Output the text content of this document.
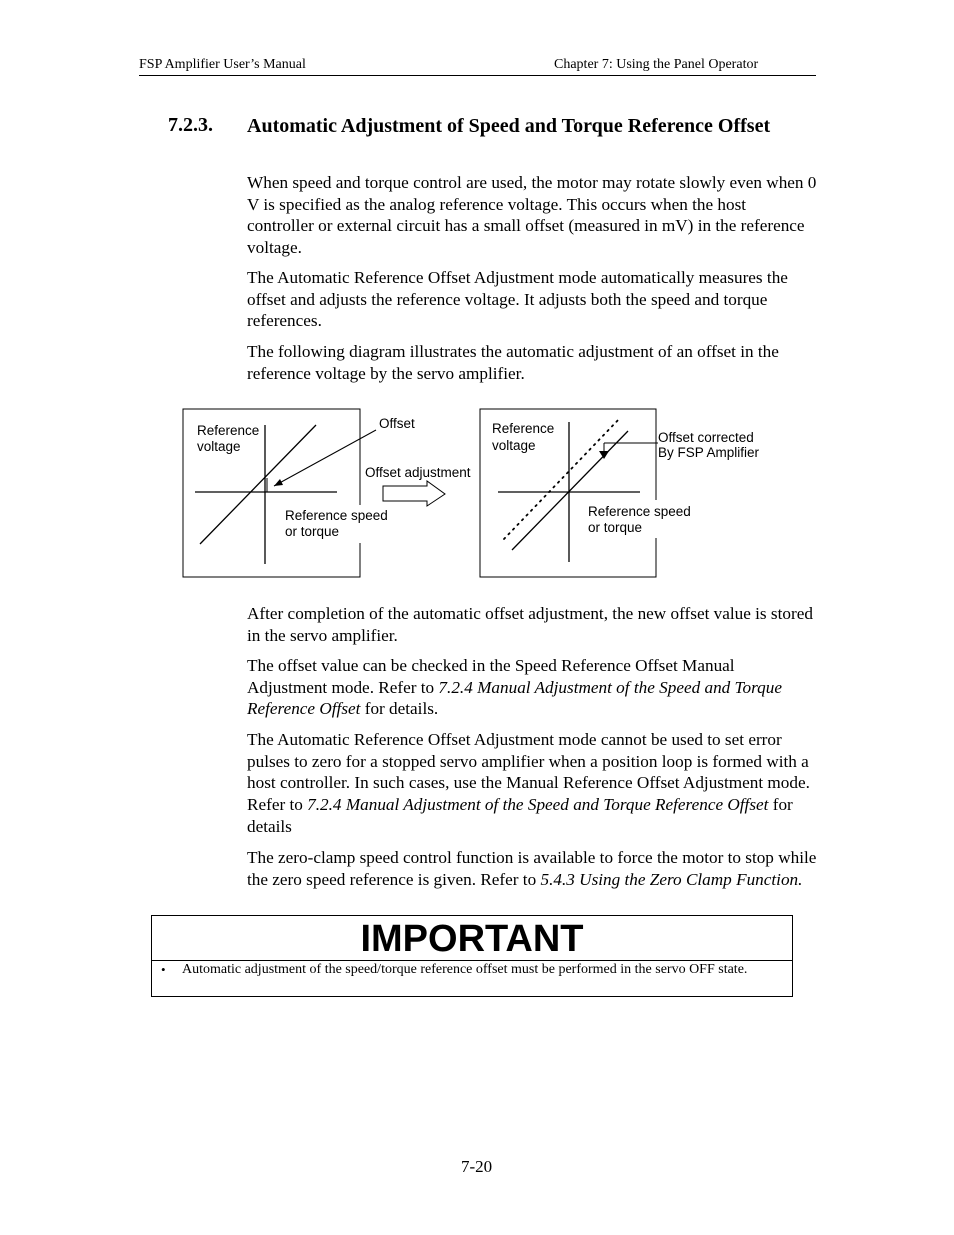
FSP Amplifier User’s Manual	Chapter 7: Using the Panel Operator
7.2.3. Automatic Adjustment of Speed and Torque Reference Offset

When speed and torque control are used, the motor may rotate slowly even when 0 V is specified as the analog reference voltage. This occurs when the host controller or external circuit has a small offset (measured in mV) in the reference voltage.

The Automatic Reference Offset Adjustment mode automatically measures the offset and adjusts the reference voltage. It adjusts both the speed and torque references.

The following diagram illustrates the automatic adjustment of an offset in the reference voltage by the servo amplifier.

Reference
voltage
Reference speed
or torque
Offset
Offset adjustment
Reference
voltage
Reference speed
or torque
Offset corrected
By FSP Amplifier

After completion of the automatic offset adjustment, the new offset value is stored in the servo amplifier.

The offset value can be checked in the Speed Reference Offset Manual Adjustment mode. Refer to 7.2.4 Manual Adjustment of the Speed and Torque Reference Offset for details.

The Automatic Reference Offset Adjustment mode cannot be used to set error pulses to zero for a stopped servo amplifier when a position loop is formed with a host controller. In such cases, use the Manual Reference Offset Adjustment mode. Refer to 7.2.4 Manual Adjustment of the Speed and Torque Reference Offset for details

The zero-clamp speed control function is available to force the motor to stop while the zero speed reference is given. Refer to 5.4.3 Using the Zero Clamp Function.

IMPORTANT
• Automatic adjustment of the speed/torque reference offset must be performed in the servo OFF state.
7-20
